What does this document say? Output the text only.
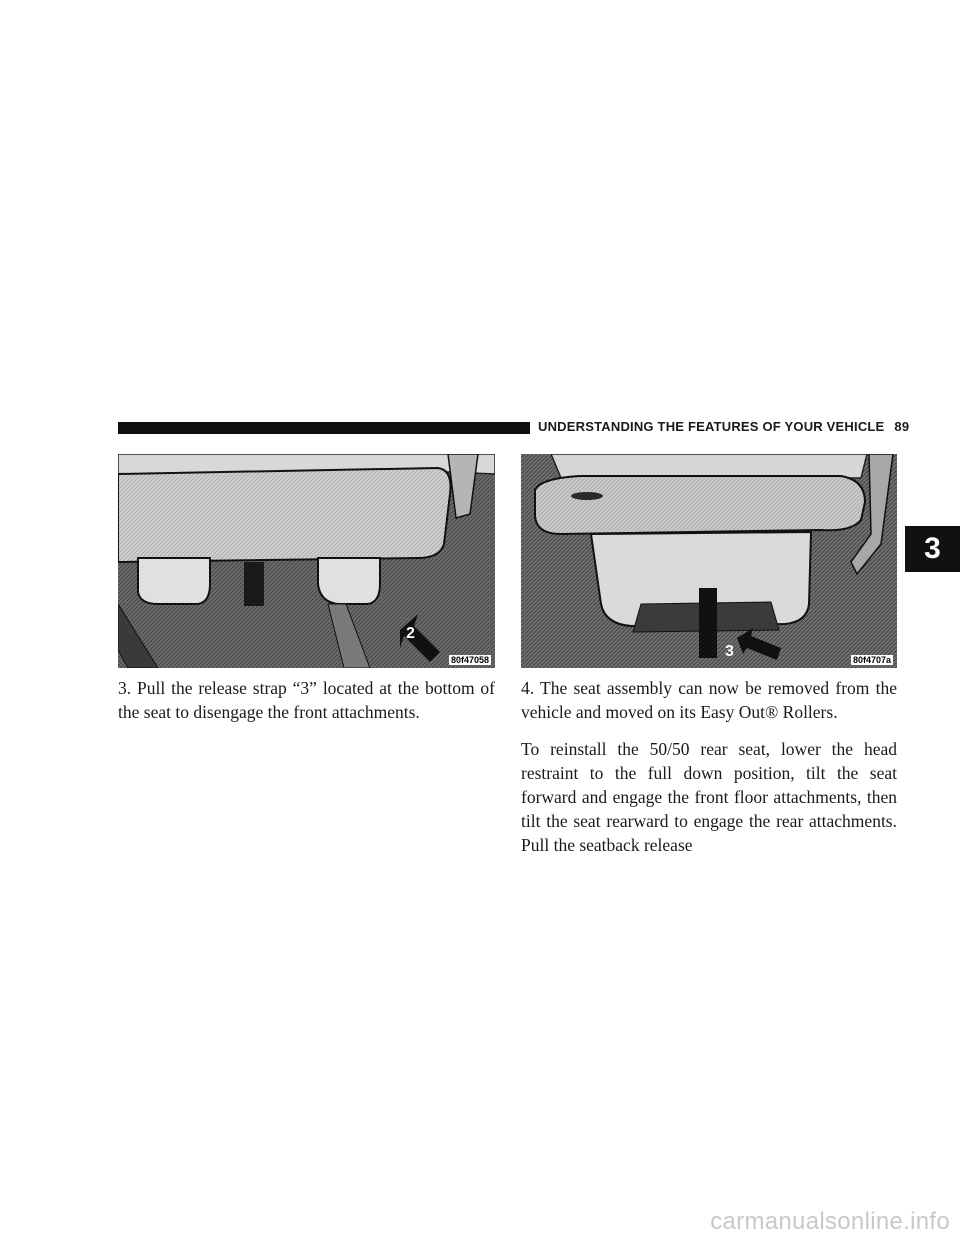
UNDERSTANDING THE FEATURES OF YOUR VEHICLE 89
3
2
80f47058	3	80f4707a

3. Pull the release strap “3” located at the bottom of the seat to disengage the front attachments.

4. The seat assembly can now be removed from the vehicle and moved on its Easy Out® Rollers.

To reinstall the 50/50 rear seat, lower the head restraint to the full down position, tilt the seat forward and engage the front floor attachments, then tilt the seat rearward to engage the rear attachments. Pull the seatback release

carmanualsonline.info
